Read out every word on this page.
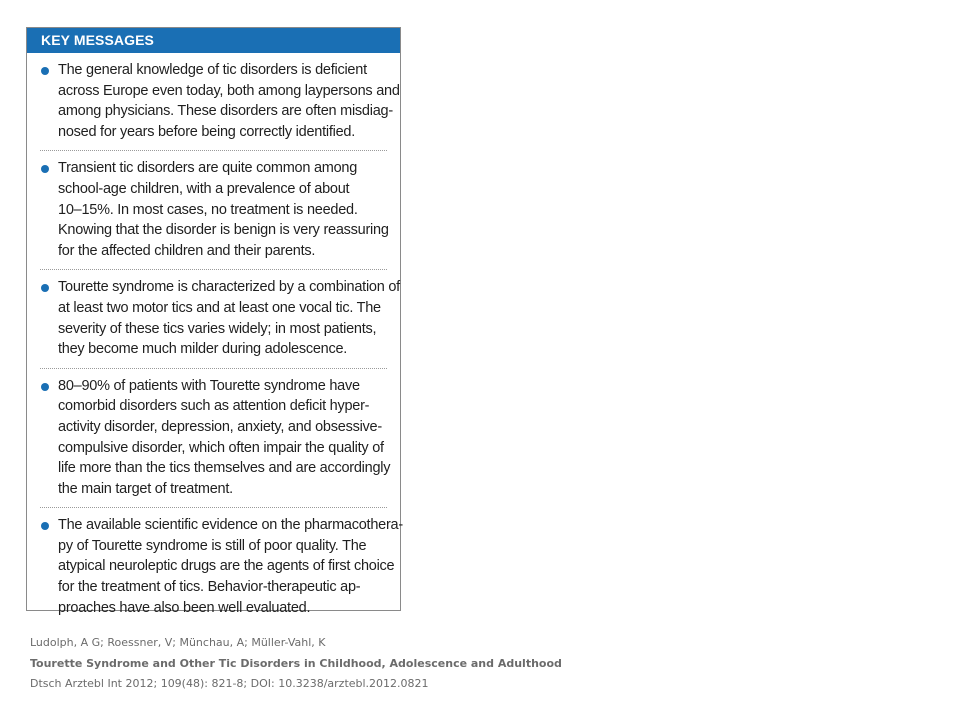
KEY MESSAGES
The general knowledge of tic disorders is deficient
across Europe even today, both among laypersons and
among physicians. These disorders are often misdiag-
nosed for years before being correctly identified.
Transient tic disorders are quite common among
school-age children, with a prevalence of about
10–15%. In most cases, no treatment is needed.
Knowing that the disorder is benign is very reassuring
for the affected children and their parents.
Tourette syndrome is characterized by a combination of
at least two motor tics and at least one vocal tic. The
severity of these tics varies widely; in most patients,
they become much milder during adolescence.
80–90% of patients with Tourette syndrome have
comorbid disorders such as attention deficit hyper-
activity disorder, depression, anxiety, and obsessive-
compulsive disorder, which often impair the quality of
life more than the tics themselves and are accordingly
the main target of treatment.
The available scientific evidence on the pharmacothera-
py of Tourette syndrome is still of poor quality. The
atypical neuroleptic drugs are the agents of first choice
for the treatment of tics. Behavior-therapeutic ap-
proaches have also been well evaluated.
Ludolph, A G; Roessner, V; Münchau, A; Müller-Vahl, K
Tourette Syndrome and Other Tic Disorders in Childhood, Adolescence and Adulthood
Dtsch Arztebl Int 2012; 109(48): 821-8; DOI: 10.3238/arztebl.2012.0821
